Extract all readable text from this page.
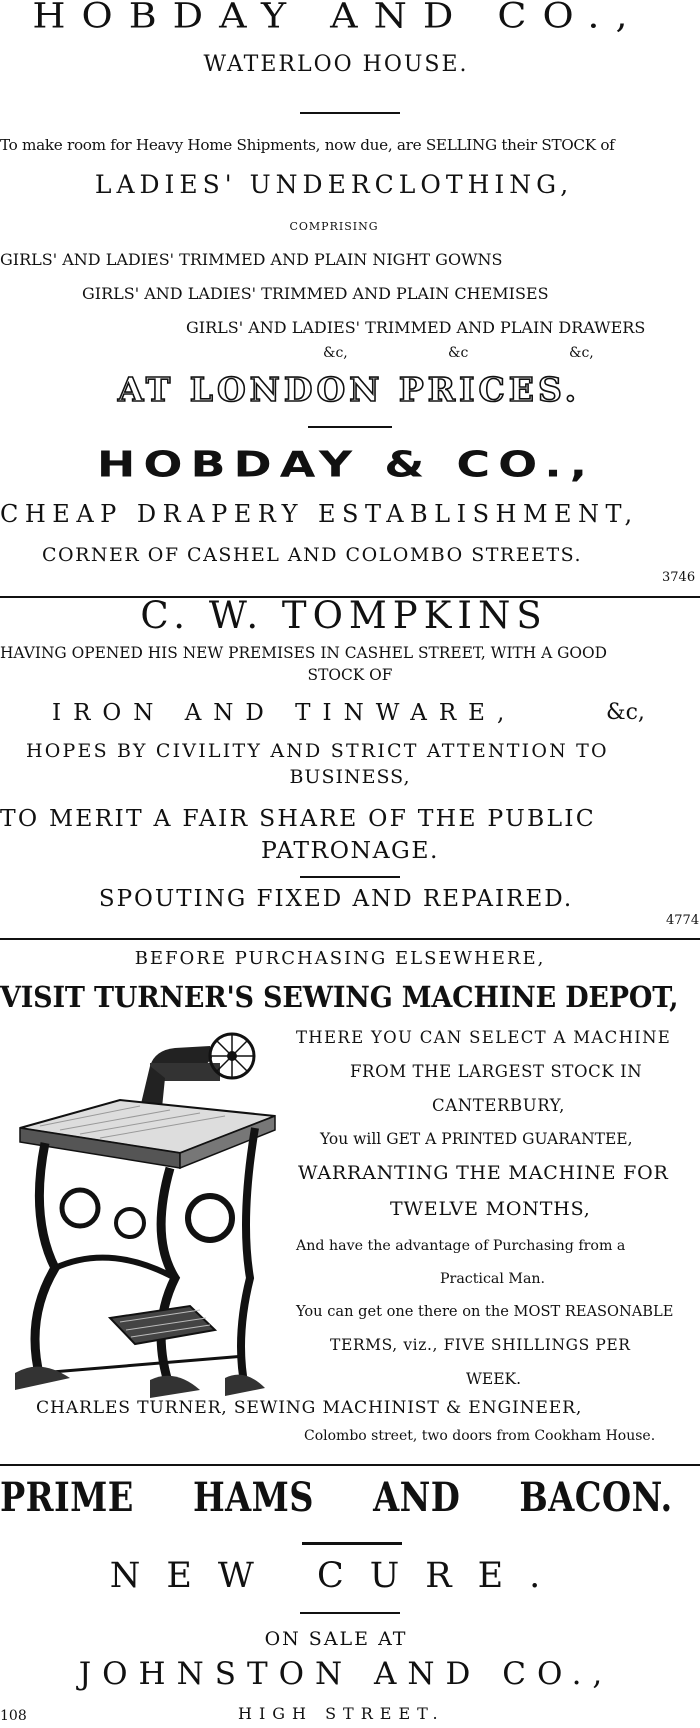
HOBDAY AND CO.,
WATERLOO HOUSE.
To make room for Heavy Home Shipments, now due, are SELLING their STOCK of
LADIES' UNDERCLOTHING,
COMPRISING
GIRLS' AND LADIES' TRIMMED AND PLAIN NIGHT GOWNS
GIRLS' AND LADIES' TRIMMED AND PLAIN CHEMISES
GIRLS' AND LADIES' TRIMMED AND PLAIN DRAWERS
&c,	&c	&c,
AT LONDON PRICES.
HOBDAY & CO.,
CHEAP DRAPERY ESTABLISHMENT,
CORNER OF CASHEL AND COLOMBO STREETS.
3746
C. W. TOMPKINS
HAVING OPENED HIS NEW PREMISES IN CASHEL STREET, WITH A GOOD
STOCK OF
IRON AND TINWARE,	&c,
HOPES BY CIVILITY AND STRICT ATTENTION TO
BUSINESS,
TO MERIT A FAIR SHARE OF THE PUBLIC
PATRONAGE.
SPOUTING FIXED AND REPAIRED.
4774
BEFORE PURCHASING ELSEWHERE,
VISIT TURNER'S SEWING MACHINE DEPOT,
THERE YOU CAN SELECT A MACHINE
FROM THE LARGEST STOCK IN
CANTERBURY,
You will GET A PRINTED GUARANTEE,
WARRANTING THE MACHINE FOR
TWELVE MONTHS,
And have the advantage of Purchasing from a
Practical Man.
You can get one there on the MOST REASONABLE
TERMS, viz., FIVE SHILLINGS PER
WEEK.
CHARLES TURNER, SEWING MACHINIST & ENGINEER,
Colombo street, two doors from Cookham House.
PRIME HAMS AND BACON.
NEW CURE.
ON SALE AT
JOHNSTON AND CO.,
108	HIGH STREET.
